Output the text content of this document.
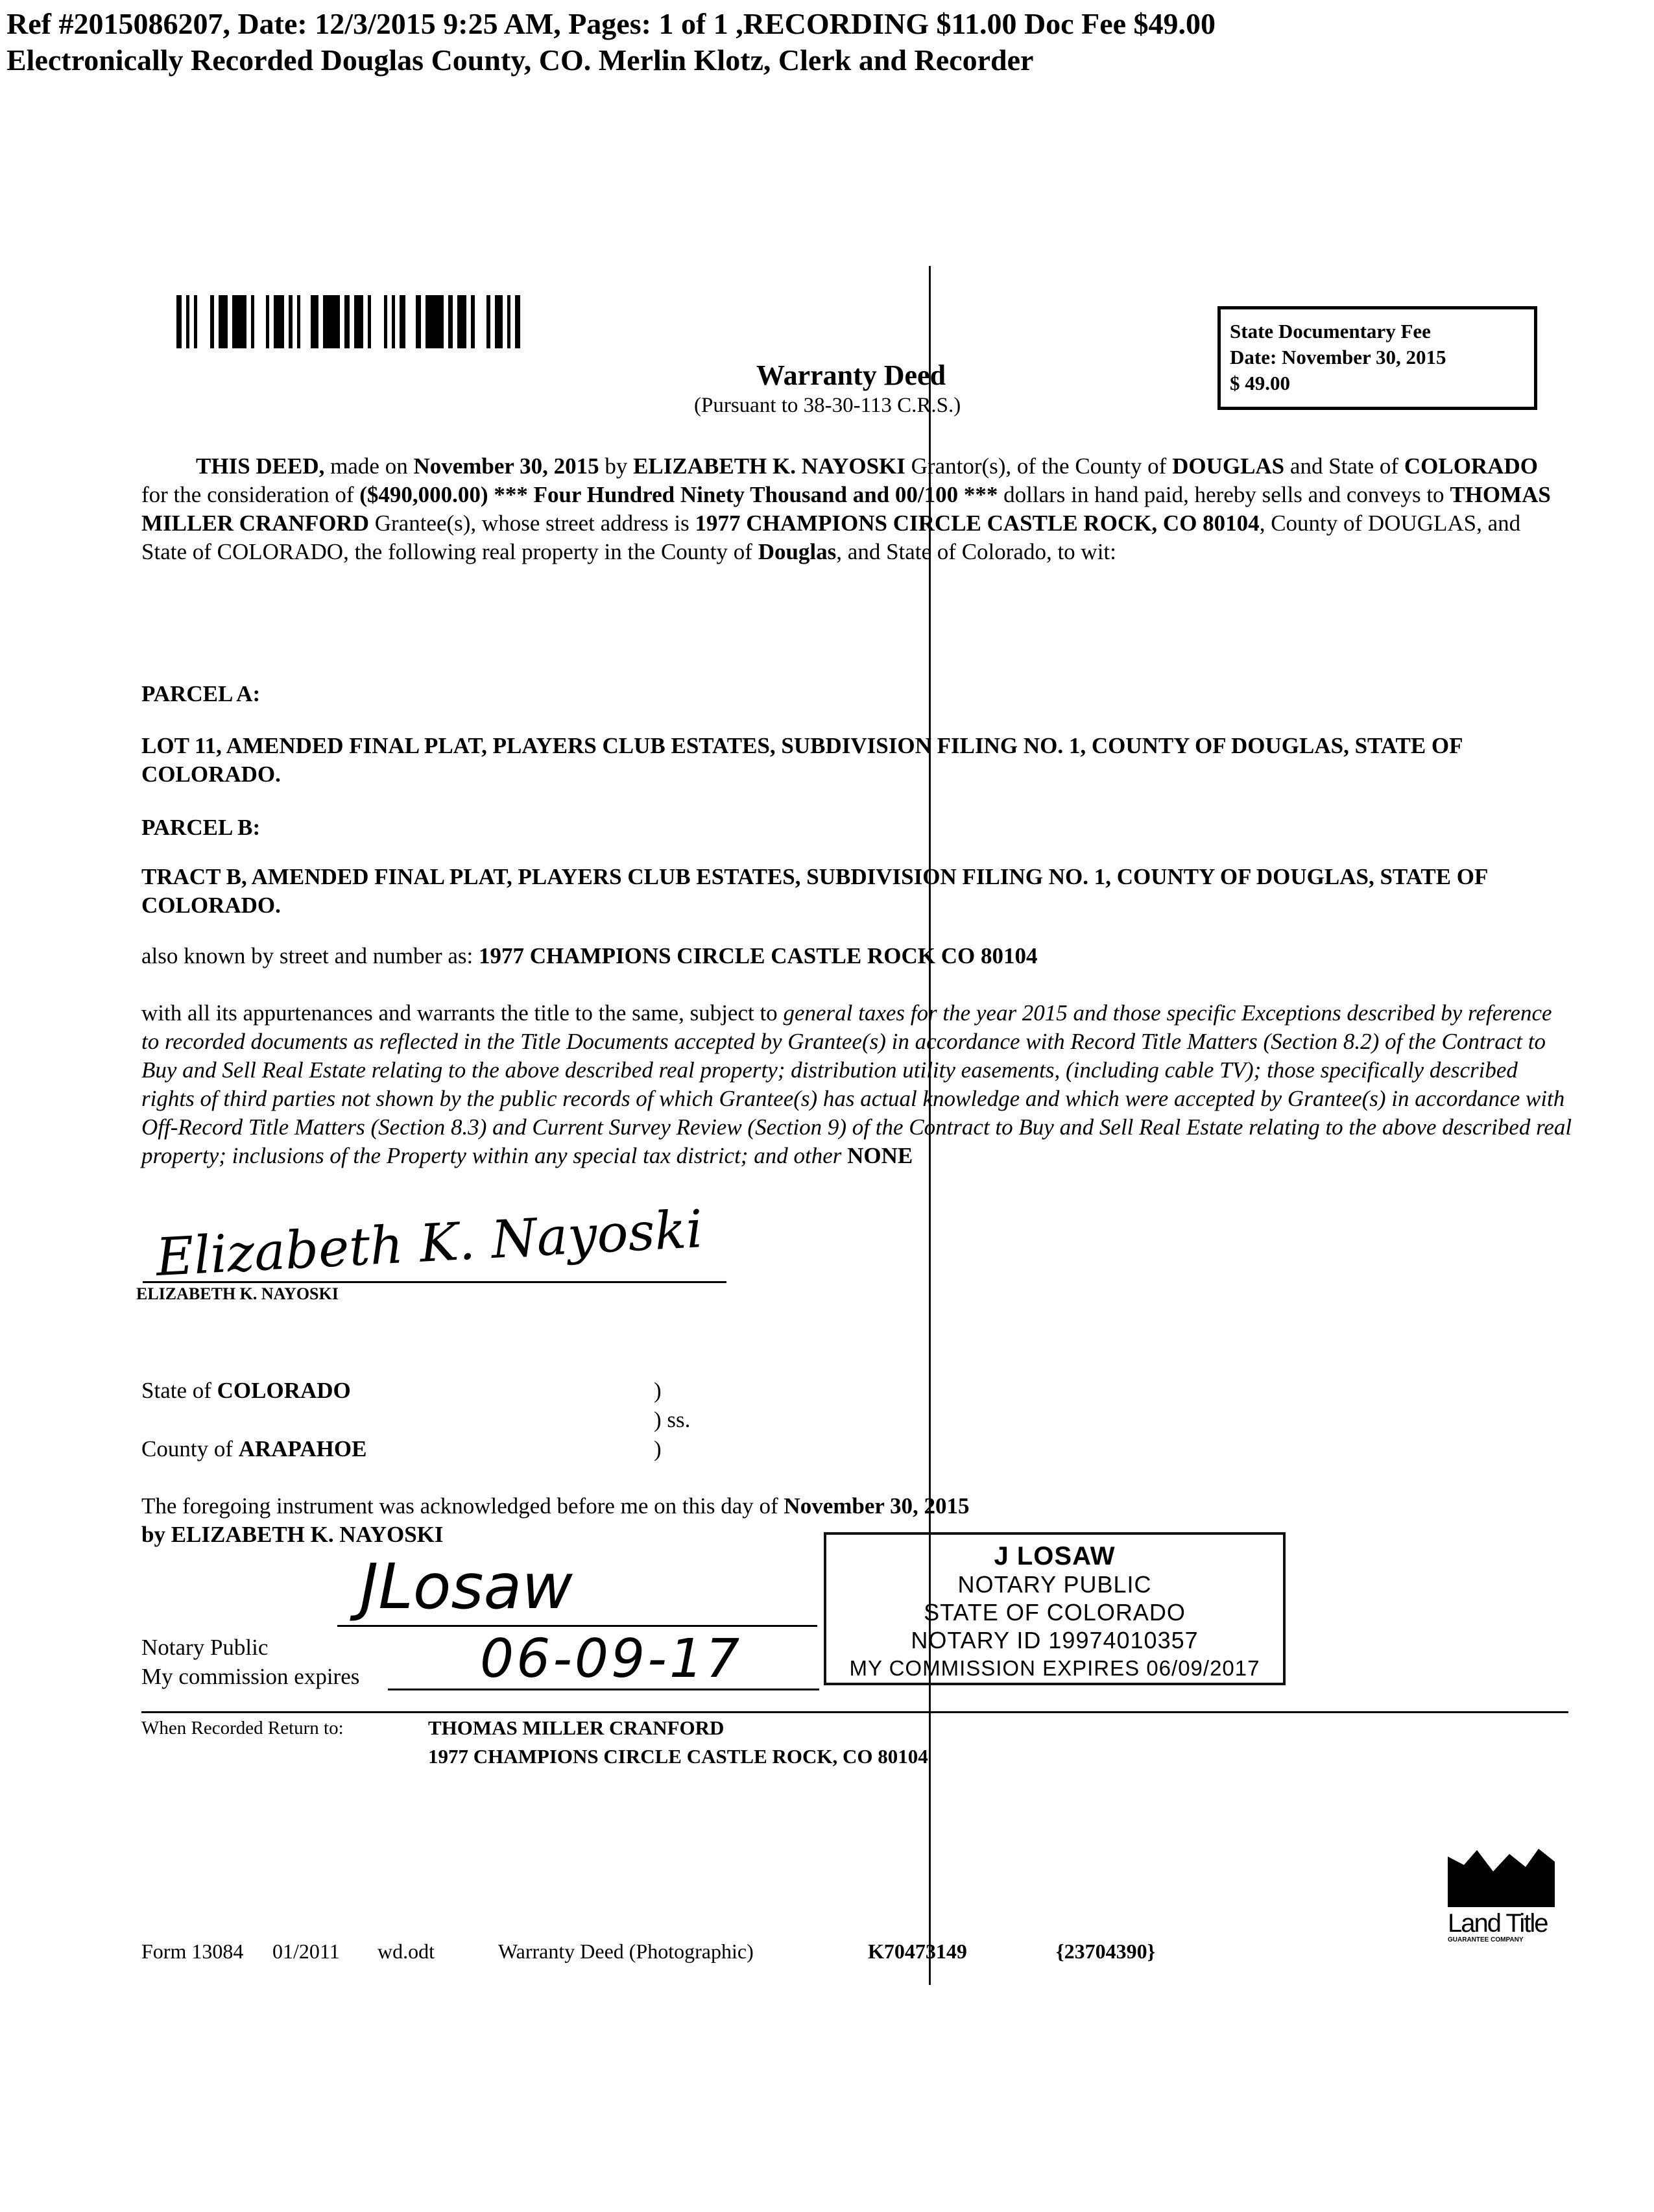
Ref #2015086207, Date: 12/3/2015 9:25 AM, Pages: 1 of 1 ,RECORDING $11.00 Doc Fee $49.00
Electronically Recorded Douglas County, CO. Merlin Klotz, Clerk and Recorder
State Documentary Fee
Date: November 30, 2015
$ 49.00
Warranty Deed
(Pursuant to 38-30-113 C.R.S.)
THIS DEED, made on November 30, 2015 by ELIZABETH K. NAYOSKI Grantor(s), of the County of DOUGLAS and State of COLORADO for the consideration of ($490,000.00) *** Four Hundred Ninety Thousand and 00/100 *** dollars in hand paid, hereby sells and conveys to THOMAS MILLER CRANFORD Grantee(s), whose street address is 1977 CHAMPIONS CIRCLE CASTLE ROCK, CO 80104, County of DOUGLAS, and State of COLORADO, the following real property in the County of Douglas, and State of Colorado, to wit:
PARCEL A:
LOT 11, AMENDED FINAL PLAT, PLAYERS CLUB ESTATES, SUBDIVISION FILING NO. 1, COUNTY OF DOUGLAS, STATE OF COLORADO.
PARCEL B:
TRACT B, AMENDED FINAL PLAT, PLAYERS CLUB ESTATES, SUBDIVISION FILING NO. 1, COUNTY OF DOUGLAS, STATE OF COLORADO.
also known by street and number as: 1977 CHAMPIONS CIRCLE CASTLE ROCK CO 80104
with all its appurtenances and warrants the title to the same, subject to general taxes for the year 2015 and those specific Exceptions described by reference to recorded documents as reflected in the Title Documents accepted by Grantee(s) in accordance with Record Title Matters (Section 8.2) of the Contract to Buy and Sell Real Estate relating to the above described real property; distribution utility easements, (including cable TV); those specifically described rights of third parties not shown by the public records of which Grantee(s) has actual knowledge and which were accepted by Grantee(s) in accordance with Off-Record Title Matters (Section 8.3) and Current Survey Review (Section 9) of the Contract to Buy and Sell Real Estate relating to the above described real property; inclusions of the Property within any special tax district; and other NONE
Elizabeth K. Nayoski
ELIZABETH K. NAYOSKI
State of COLORADO
County of ARAPAHOE
)
) ss.
)
The foregoing instrument was acknowledged before me on this day of November 30, 2015
by ELIZABETH K. NAYOSKI
JLosaw
Notary Public
My commission expires 06-09-17
J LOSAW
NOTARY PUBLIC
STATE OF COLORADO
NOTARY ID 19974010357
MY COMMISSION EXPIRES 06/09/2017
When Recorded Return to:	THOMAS MILLER CRANFORD
1977 CHAMPIONS CIRCLE CASTLE ROCK, CO 80104
Land Title
GUARANTEE COMPANY
Form 13084 01/2011 wd.odt	Warranty Deed (Photographic)	K70473149	{23704390}
